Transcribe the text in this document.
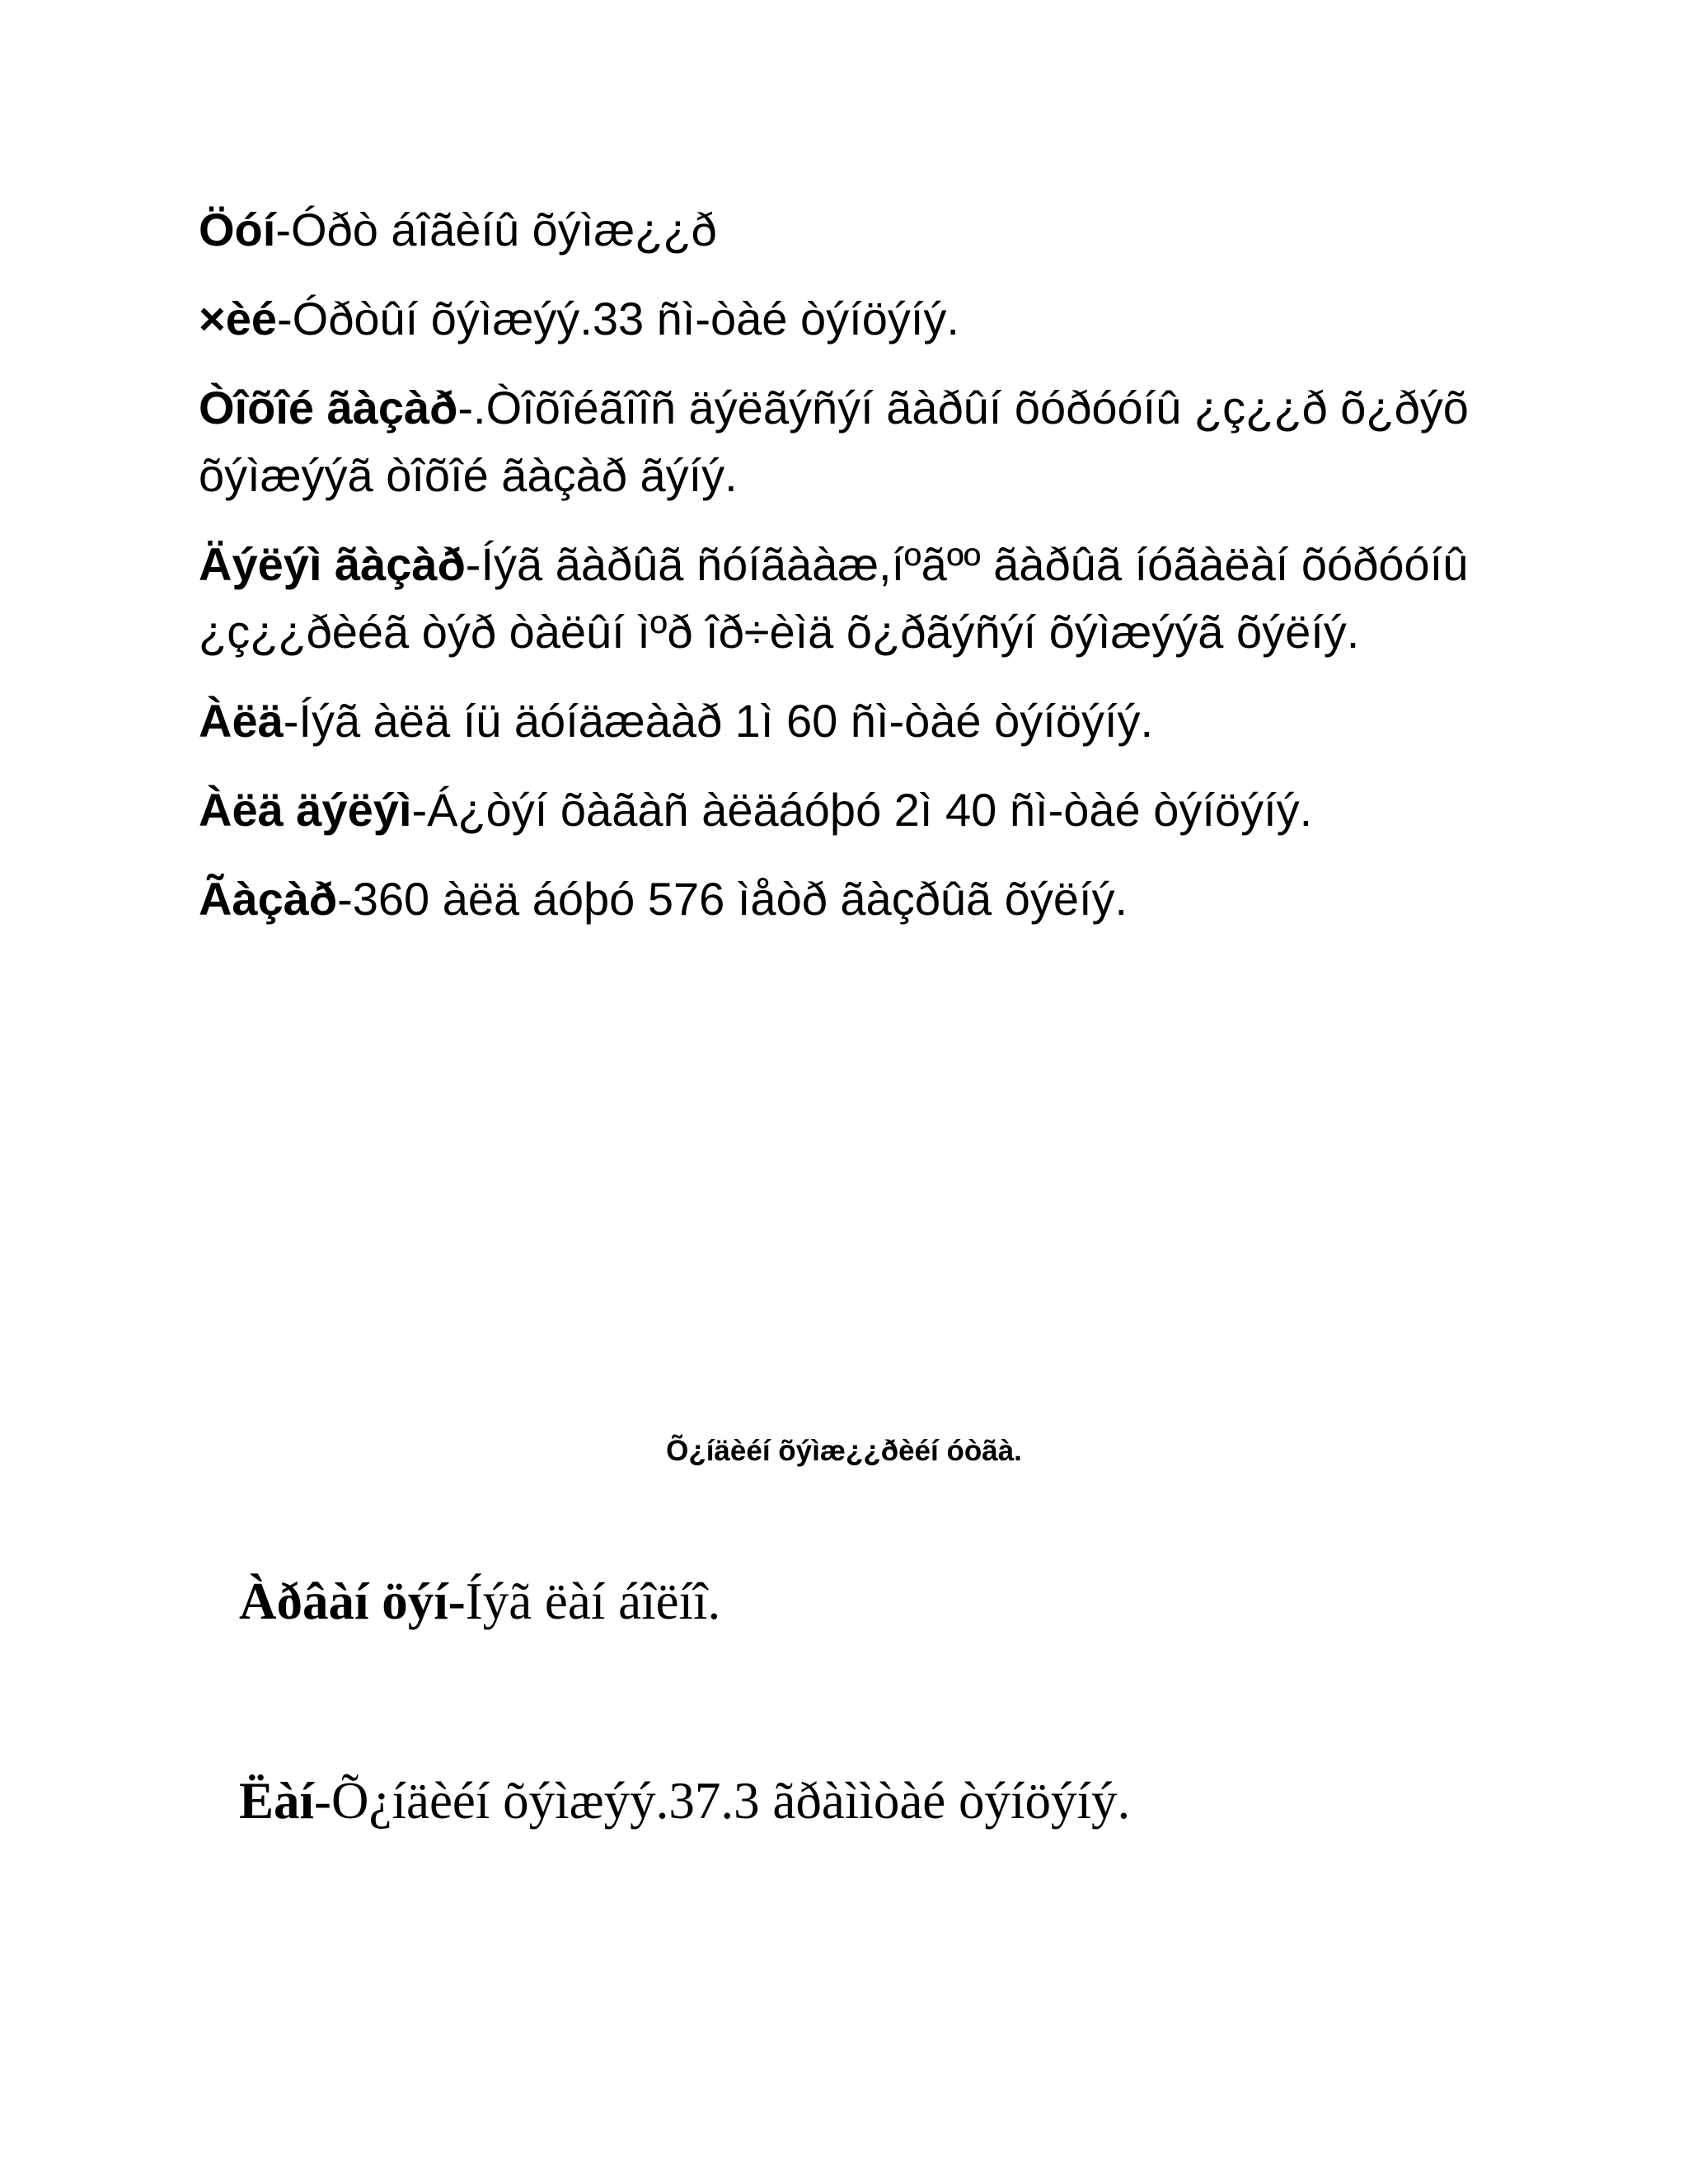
Öóí-Óðò áîãèíû õýìæ¿¿ð
×èé-Óðòûí õýìæýý.33 ñì-òàé òýíöýíý.
Òîõîé ãàçàð-.Òîõîéãîîñ äýëãýñýí ãàðûí õóðóóíû ¿ç¿¿ð õ¿ðýõ õýìæýýã òîõîé ãàçàð ãýíý.
Äýëýì ãàçàð-Íýã ãàðûã ñóíãààæ,íºãºº ãàðûã íóãàëàí õóðóóíû ¿ç¿¿ðèéã òýð òàëûí ìºð îð÷èìä õ¿ðãýñýí õýìæýýã õýëíý.
Àëä-Íýã àëä íü äóíäæààð 1ì 60 ñì-òàé òýíöýíý.
Àëä äýëýì-Á¿òýí õàãàñ àëäáóþó 2ì 40 ñì-òàé òýíöýíý.
Ãàçàð-360 àëä áóþó 576 ìåòð ãàçðûã õýëíý.
Õ¿íäèéí õýìæ¿¿ðèéí óòãà.
Àðâàí öýí-Íýã ëàí áîëíî.
Ëàí-Õ¿íäèéí õýìæýý.37.3 ãðàììòàé òýíöýíý.
